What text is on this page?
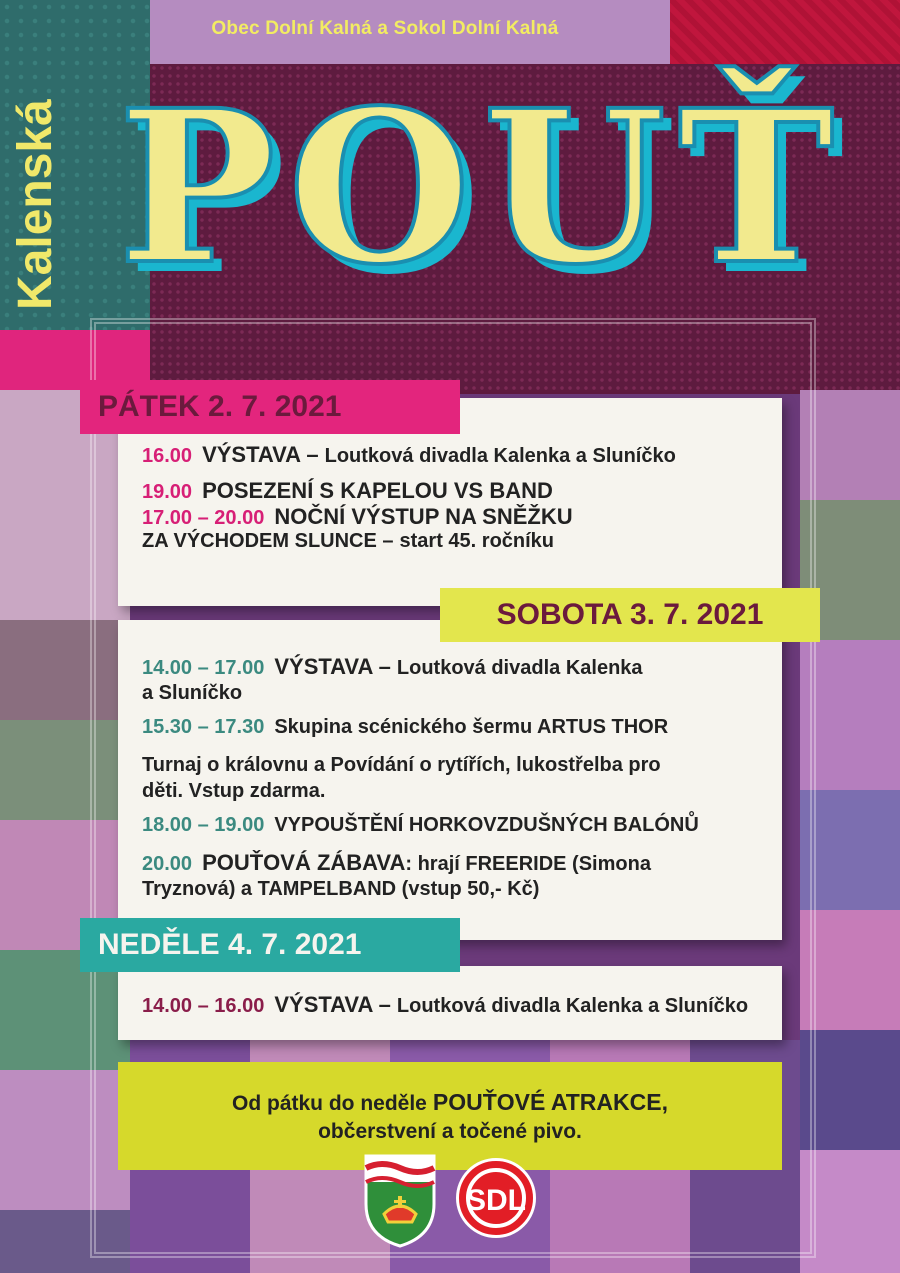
Obec Dolní Kalná a Sokol Dolní Kalná
Kalenská POUŤ
PÁTEK 2. 7. 2021
16.00 VÝSTAVA – Loutková divadla Kalenka a Sluníčko
19.00 POSEZENÍ S KAPELOU VS BAND
17.00 – 20.00 NOČNÍ VÝSTUP NA SNĚŽKU
ZA VÝCHODEM SLUNCE – start 45. ročníku
SOBOTA 3. 7. 2021
14.00 – 17.00 VÝSTAVA – Loutková divadla Kalenka
a Sluníčko
15.30 – 17.30 Skupina scénického šermu ARTUS THOR
Turnaj o královnu a Povídání o rytířích, lukostřelba pro
děti. Vstup zdarma.
18.00 – 19.00 VYPOUŠTĚNÍ HORKOVZDUŠNÝCH BALÓNŮ
20.00 POUŤOVÁ ZÁBAVA: hrají FREERIDE (Simona
Tryznová) a TAMPELBAND (vstup 50,- Kč)
NEDĚLE 4. 7. 2021
14.00 – 16.00 VÝSTAVA – Loutková divadla Kalenka a Sluníčko
Od pátku do neděle POUŤOVÉ ATRAKCE,
občerstvení a točené pivo.
SDL
